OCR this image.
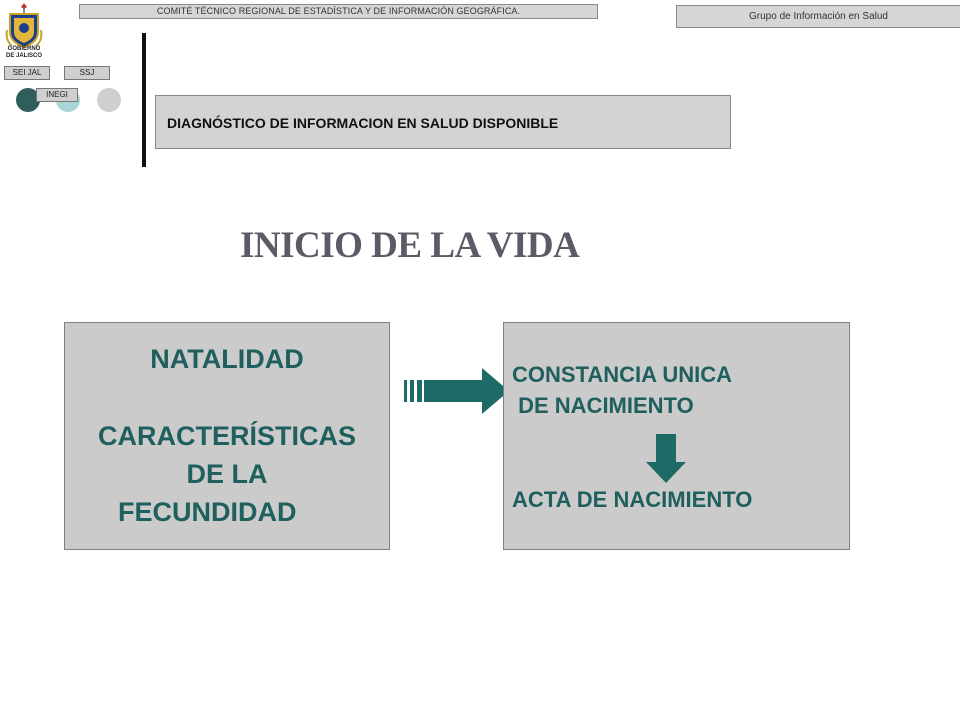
COMITÉ TÉCNICO REGIONAL DE ESTADÍSTICA Y DE INFORMACIÓN GEOGRÁFICA.	Grupo de Información en Salud
GOBIERNO
DE JALISCO
SEI JAL	SSJ
INEGI
DIAGNÓSTICO DE INFORMACION EN SALUD DISPONIBLE
INICIO DE LA VIDA
NATALIDAD
CARACTERÍSTICAS
DE LA
FECUNDIDAD
CONSTANCIA UNICA
DE NACIMIENTO
ACTA DE NACIMIENTO
